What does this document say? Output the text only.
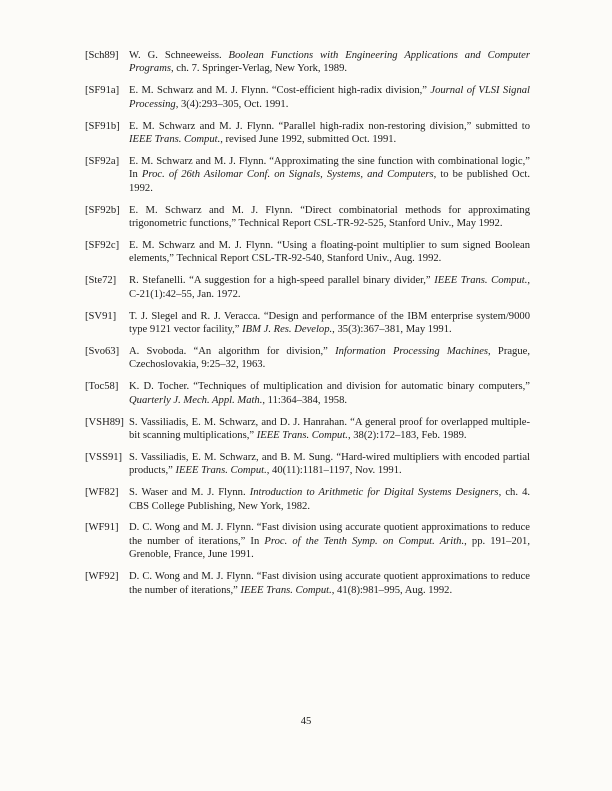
[Sch89] W. G. Schneeweiss. Boolean Functions with Engineering Applications and Computer Programs, ch. 7. Springer-Verlag, New York, 1989.
[SF91a] E. M. Schwarz and M. J. Flynn. “Cost-efficient high-radix division,” Journal of VLSI Signal Processing, 3(4):293–305, Oct. 1991.
[SF91b] E. M. Schwarz and M. J. Flynn. “Parallel high-radix non-restoring division,” submitted to IEEE Trans. Comput., revised June 1992, submitted Oct. 1991.
[SF92a] E. M. Schwarz and M. J. Flynn. “Approximating the sine function with combinational logic,” In Proc. of 26th Asilomar Conf. on Signals, Systems, and Computers, to be published Oct. 1992.
[SF92b] E. M. Schwarz and M. J. Flynn. “Direct combinatorial methods for approximating trigonometric functions,” Technical Report CSL-TR-92-525, Stanford Univ., May 1992.
[SF92c] E. M. Schwarz and M. J. Flynn. “Using a floating-point multiplier to sum signed Boolean elements,” Technical Report CSL-TR-92-540, Stanford Univ., Aug. 1992.
[Ste72]	R. Stefanelli. “A suggestion for a high-speed parallel binary divider,” IEEE Trans. Comput., C-21(1):42–55, Jan. 1972.
[SV91]	T. J. Slegel and R. J. Veracca. “Design and performance of the IBM enterprise system/9000 type 9121 vector facility,” IBM J. Res. Develop., 35(3):367–381, May 1991.
[Svo63] A. Svoboda. “An algorithm for division,” Information Processing Machines, Prague, Czechoslovakia, 9:25–32, 1963.
[Toc58]	K. D. Tocher. “Techniques of multiplication and division for automatic binary computers,” Quarterly J. Mech. Appl. Math., 11:364–384, 1958.
[VSH89] S. Vassiliadis, E. M. Schwarz, and D. J. Hanrahan. “A general proof for overlapped multiple-bit scanning multiplications,” IEEE Trans. Comput., 38(2):172–183, Feb. 1989.
[VSS91] S. Vassiliadis, E. M. Schwarz, and B. M. Sung. “Hard-wired multipliers with encoded partial products,” IEEE Trans. Comput., 40(11):1181–1197, Nov. 1991.
[WF82] S. Waser and M. J. Flynn. Introduction to Arithmetic for Digital Systems Designers, ch. 4. CBS College Publishing, New York, 1982.
[WF91] D. C. Wong and M. J. Flynn. “Fast division using accurate quotient approximations to reduce the number of iterations,” In Proc. of the Tenth Symp. on Comput. Arith., pp. 191–201, Grenoble, France, June 1991.
[WF92] D. C. Wong and M. J. Flynn. “Fast division using accurate quotient approximations to reduce the number of iterations,” IEEE Trans. Comput., 41(8):981–995, Aug. 1992.
45
